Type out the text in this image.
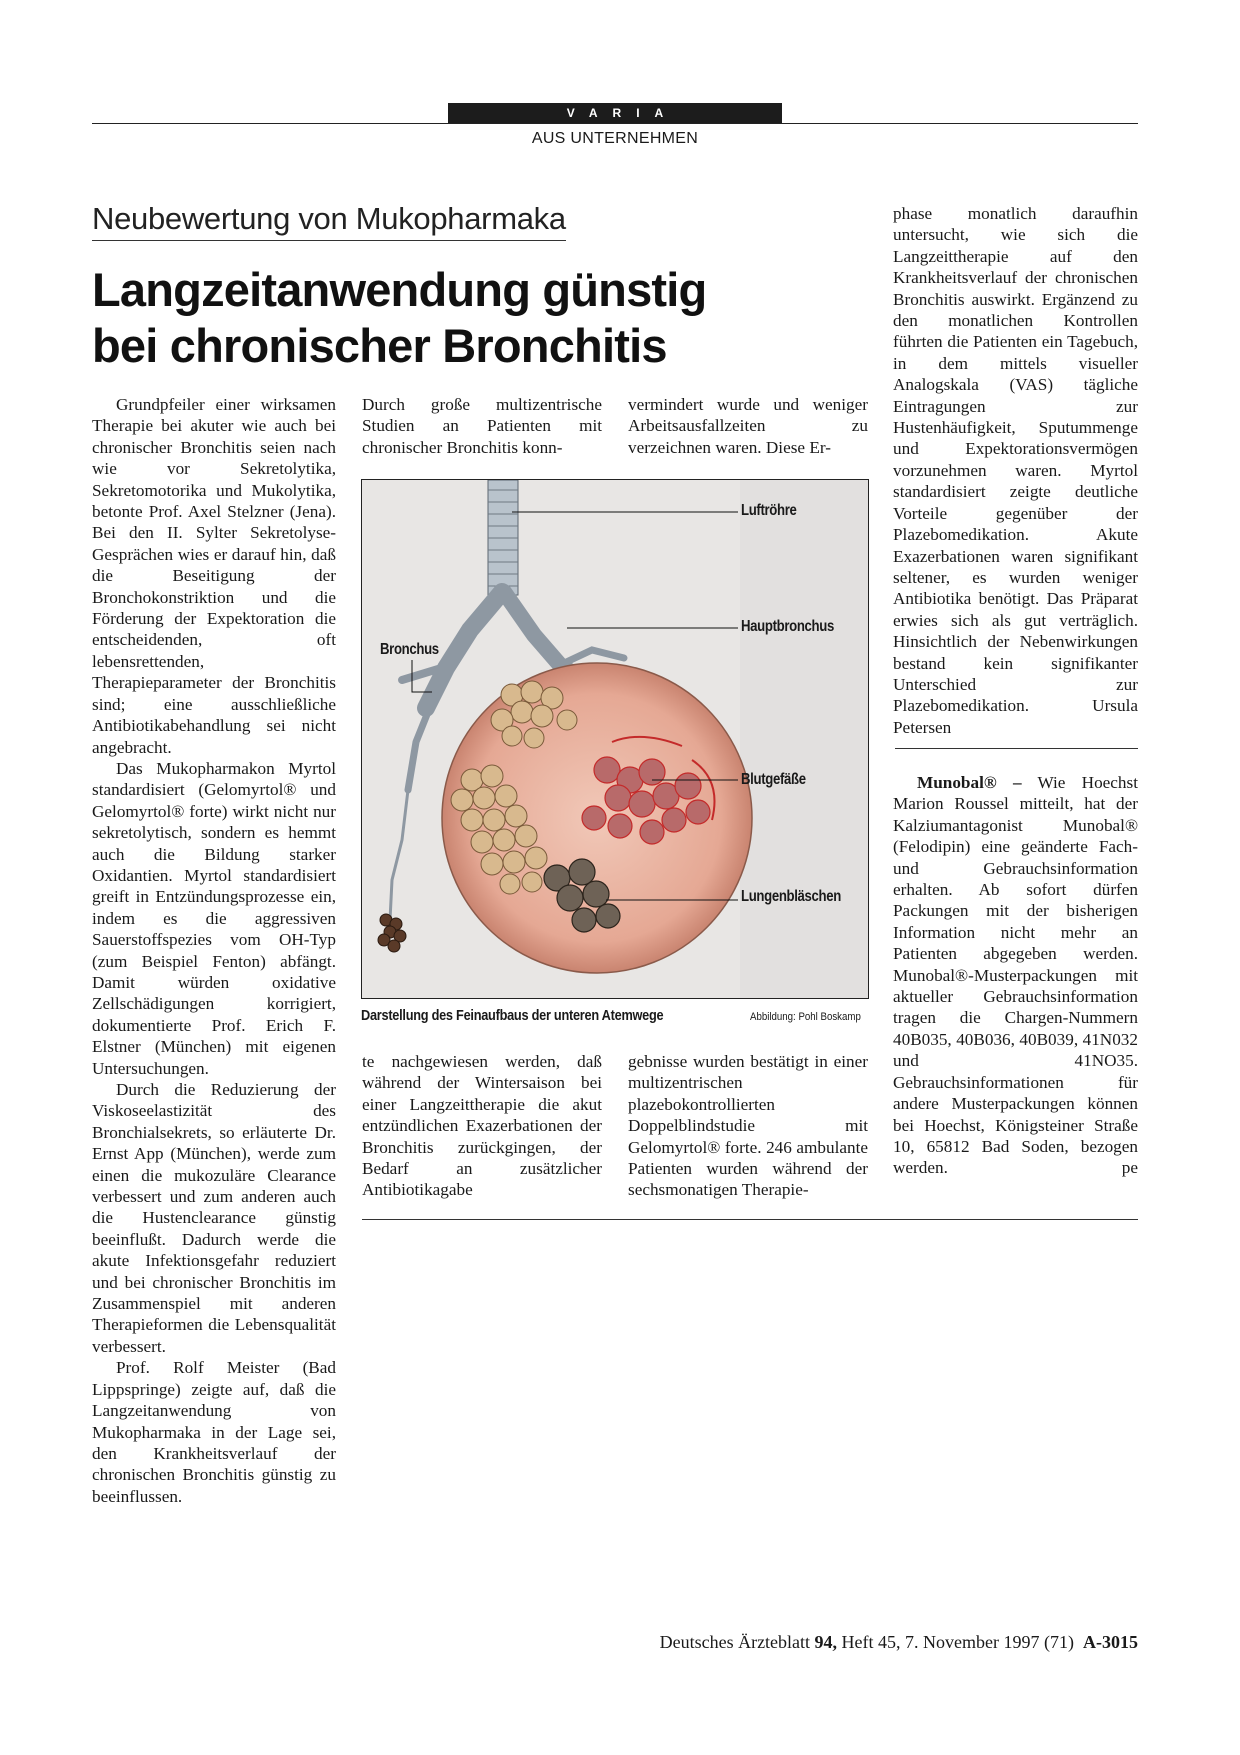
VARIA
AUS UNTERNEHMEN
Neubewertung von Mukopharmaka
Langzeitanwendung günstig
bei chronischer Bronchitis

Grundpfeiler einer wirksamen Therapie bei akuter wie auch bei chronischer Bronchitis seien nach wie vor Sekretolytika, Sekretomotorika und Mukolytika, betonte Prof. Axel Stelzner (Jena). Bei den II. Sylter Sekretolyse-Gesprächen wies er darauf hin, daß die Beseitigung der Bronchokonstriktion und die Förderung der Expektoration die entscheidenden, oft lebensrettenden, Therapieparameter der Bronchitis sind; eine ausschließliche Antibiotikabehandlung sei nicht angebracht.

Das Mukopharmakon Myrtol standardisiert (Gelomyrtol® und Gelomyrtol® forte) wirkt nicht nur sekretolytisch, sondern es hemmt auch die Bildung starker Oxidantien. Myrtol standardisiert greift in Entzündungsprozesse ein, indem es die aggressiven Sauerstoffspezies vom OH-Typ (zum Beispiel Fenton) abfängt. Damit würden oxidative Zellschädigungen korrigiert, dokumentierte Prof. Erich F. Elstner (München) mit eigenen Untersuchungen.

Durch die Reduzierung der Viskoseelastizität des Bronchialsekrets, so erläuterte Dr. Ernst App (München), werde zum einen die mukozuläre Clearance verbessert und zum anderen auch die Hustenclearance günstig beeinflußt. Dadurch werde die akute Infektionsgefahr reduziert und bei chronischer Bronchitis im Zusammenspiel mit anderen Therapieformen die Lebensqualität verbessert.

Prof. Rolf Meister (Bad Lippspringe) zeigte auf, daß die Langzeitanwendung von Mukopharmaka in der Lage sei, den Krankheitsverlauf der chronischen Bronchitis günstig zu beeinflussen.

Durch große multizentrische Studien an Patienten mit chronischer Bronchitis konn-

vermindert wurde und weniger Arbeitsausfallzeiten zu verzeichnen waren. Diese Er-

Luftröhre
Hauptbronchus
Bronchus
Blutgefäße
Lungenbläschen
Darstellung des Feinaufbaus der unteren Atemwege	Abbildung: Pohl Boskamp

te nachgewiesen werden, daß während der Wintersaison bei einer Langzeittherapie die akut entzündlichen Exazerbationen der Bronchitis zurückgingen, der Bedarf an zusätzlicher Antibiotikagabe

gebnisse wurden bestätigt in einer multizentrischen plazebokontrollierten Doppelblindstudie mit Gelomyrtol® forte. 246 ambulante Patienten wurden während der sechsmonatigen Therapie-

phase monatlich daraufhin untersucht, wie sich die Langzeittherapie auf den Krankheitsverlauf der chronischen Bronchitis auswirkt. Ergänzend zu den monatlichen Kontrollen führten die Patienten ein Tagebuch, in dem mittels visueller Analogskala (VAS) tägliche Eintragungen zur Hustenhäufigkeit, Sputummenge und Expektorationsvermögen vorzunehmen waren. Myrtol standardisiert zeigte deutliche Vorteile gegenüber der Plazebomedikation. Akute Exazerbationen waren signifikant seltener, es wurden weniger Antibiotika benötigt. Das Präparat erwies sich als gut verträglich. Hinsichtlich der Nebenwirkungen bestand kein signifikanter Unterschied zur Plazebomedikation.	Ursula Petersen

Munobal® – Wie Hoechst Marion Roussel mitteilt, hat der Kalziumantagonist Munobal® (Felodipin) eine geänderte Fach- und Gebrauchsinformation erhalten. Ab sofort dürfen Packungen mit der bisherigen Information nicht mehr an Patienten abgegeben werden. Munobal®-Musterpackungen mit aktueller Gebrauchsinformation tragen die Chargen-Nummern 40B035, 40B036, 40B039, 41N032 und 41NO35. Gebrauchsinformationen für andere Musterpackungen können bei Hoechst, Königsteiner Straße 10, 65812 Bad Soden, bezogen werden.	pe

Deutsches Ärzteblatt 94, Heft 45, 7. November 1997 (71) A-3015
